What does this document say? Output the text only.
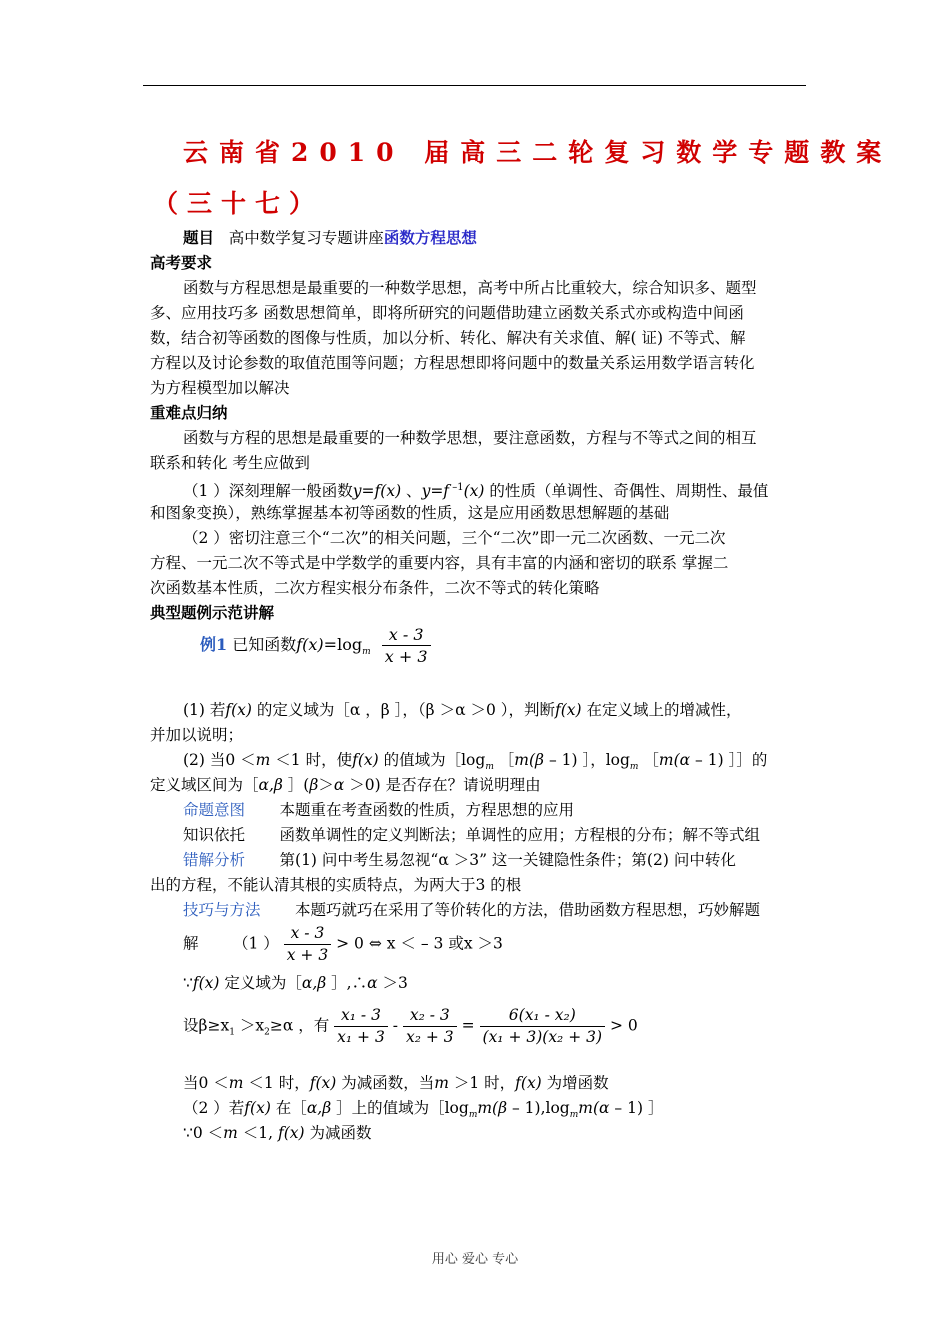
云南省2010 届高三二轮复习数学专题教案
（三十七）
题目 高中数学复习专题讲座函数方程思想
高考要求
函数与方程思想是最重要的一种数学思想，高考中所占比重较大，综合知识多、题型
多、应用技巧多 函数思想简单，即将所研究的问题借助建立函数关系式亦或构造中间函
数，结合初等函数的图像与性质，加以分析、转化、解决有关求值、解( 证) 不等式、解
方程以及讨论参数的取值范围等问题；方程思想即将问题中的数量关系运用数学语言转化
为方程模型加以解决
重难点归纳
函数与方程的思想是最重要的一种数学思想，要注意函数，方程与不等式之间的相互
联系和转化 考生应做到
（1 ）深刻理解一般函数y=f(x) 、y=f $^{-1}$(x) 的性质（单调性、奇偶性、周期性、最值
和图象变换），熟练掌握基本初等函数的性质，这是应用函数思想解题的基础
（2 ）密切注意三个“二次”的相关问题，三个“二次”即一元二次函数、一元二次
方程、一元二次不等式是中学数学的重要内容，具有丰富的内涵和密切的联系 掌握二
次函数基本性质，二次方程实根分布条件，二次不等式的转化策略
典型题例示范讲解
例1 已知函数$f(x)=\log_m \frac{x - 3}{x + 3}$
(1) 若f(x) 的定义域为［α ，β ］，（β ＞α ＞0 ），判断f(x) 在定义域上的增减性，
并加以说明；
(2) 当0 ＜m ＜1 时，使f(x) 的值域为$[\log_m$ ［m(β – 1) ］，$\log_m$ ［m(α – 1) ］］的
定义域区间为［α,β ］(β＞α ＞0) 是否存在？请说明理由
命题意图 本题重在考查函数的性质，方程思想的应用
知识依托 函数单调性的定义判断法；单调性的应用；方程根的分布；解不等式组
错解分析 第(1) 问中考生易忽视“α ＞3” 这一关键隐性条件；第(2) 问中转化
出的方程，不能认清其根的实质特点，为两大于3 的根
技巧与方法 本题巧就巧在采用了等价转化的方法，借助函数方程思想，巧妙解题
解 （1 ） $\frac{x - 3}{x + 3} > 0$ ⇔ x ＜ – 3 或x ＞3
∵f(x) 定义域为［α,β ］,∴α ＞3
设$\beta\ge x_1 >x_2\ge\alpha$ ，有 $\frac{\text{x₁ - 3}}{\text{x₁ + 3}} - \frac{\text{x₂ - 3}}{\text{x₂ + 3}} = \frac{\text{6(x₁ - x₂)}}{\text{(x₁ + 3)(x₂ + 3)}} > 0$
当0 ＜m ＜1 时，f(x) 为减函数，当m ＞1 时，f(x) 为增函数
（2 ）若f(x) 在［α,β ］上的值域为$[\log_mm(\beta - 1),\log_mm(\alpha - 1)$ ］
∵0 ＜m ＜1, f(x) 为减函数
用心 爱心 专心
